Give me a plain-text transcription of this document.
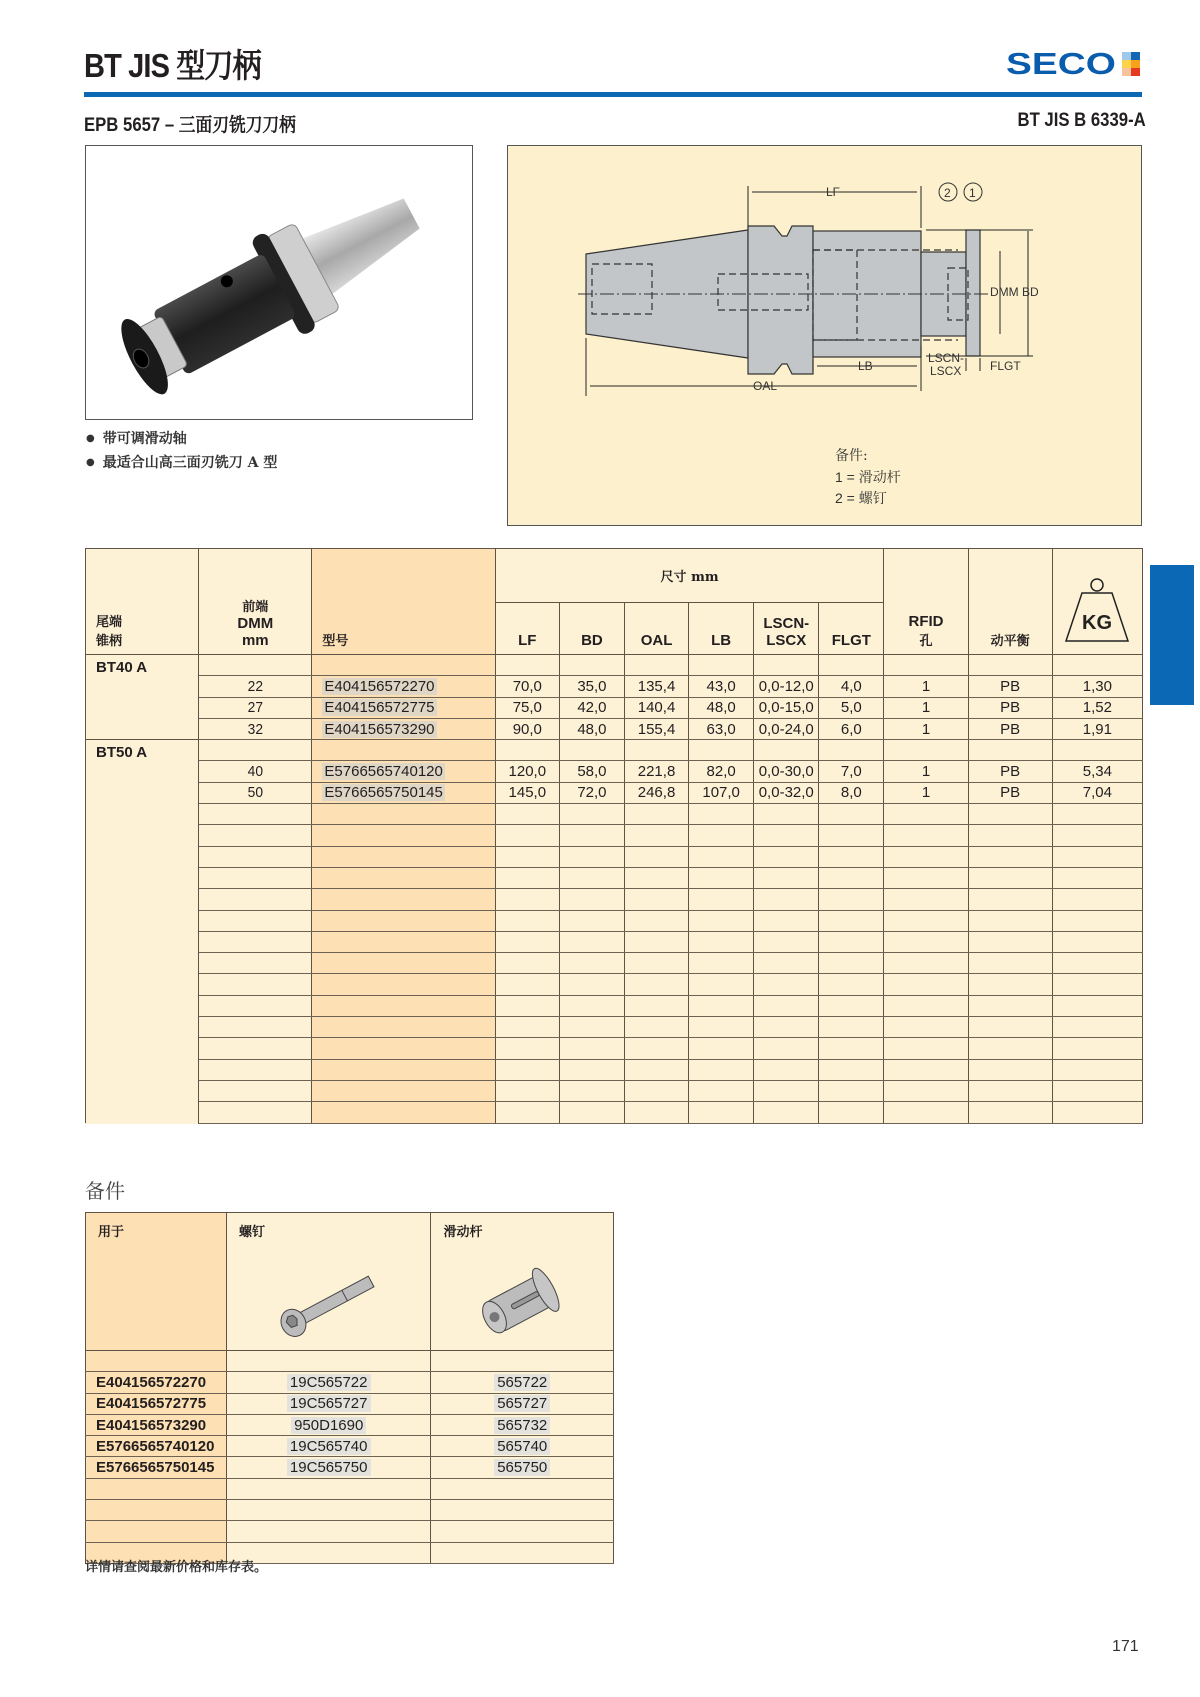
BT JIS 型刀柄	SECO
EPB 5657 – 三面刃铣刀刀柄	BT JIS B 6339-A
● 带可调滑动轴
● 最适合山高三面刃铣刀 A 型
LF
LB
OAL
LSCN-
LSCX FLGT
DMM BD
2 1
备件:
1 = 滑动杆
2 = 螺钉
尾端
锥柄	前端
DMM
mm	型号	尺寸 mm						RFID
孔	动平衡	KG

			LF	BD	OAL	LB	LSCN-
LSCX	FLGT			
BT40 A											
	22	E404156572270	70,0	35,0	135,4	43,0	0,0-12,0	4,0	1	PB	1,30
	27	E404156572775	75,0	42,0	140,4	48,0	0,0-15,0	5,0	1	PB	1,52
	32	E404156573290	90,0	48,0	155,4	63,0	0,0-24,0	6,0	1	PB	1,91
BT50 A											
	40	E5766565740120	120,0	58,0	221,8	82,0	0,0-30,0	7,0	1	PB	5,34
	50	E5766565750145	145,0	72,0	246,8	107,0	0,0-32,0	8,0	1	PB	7,04

备件
用于	螺钉	滑动杆

E404156572270	19C565722	565722
E404156572775	19C565727	565727
E404156573290	950D1690	565732
E5766565740120	19C565740	565740
E5766565750145	19C565750	565750

详情请查阅最新价格和库存表。
171
